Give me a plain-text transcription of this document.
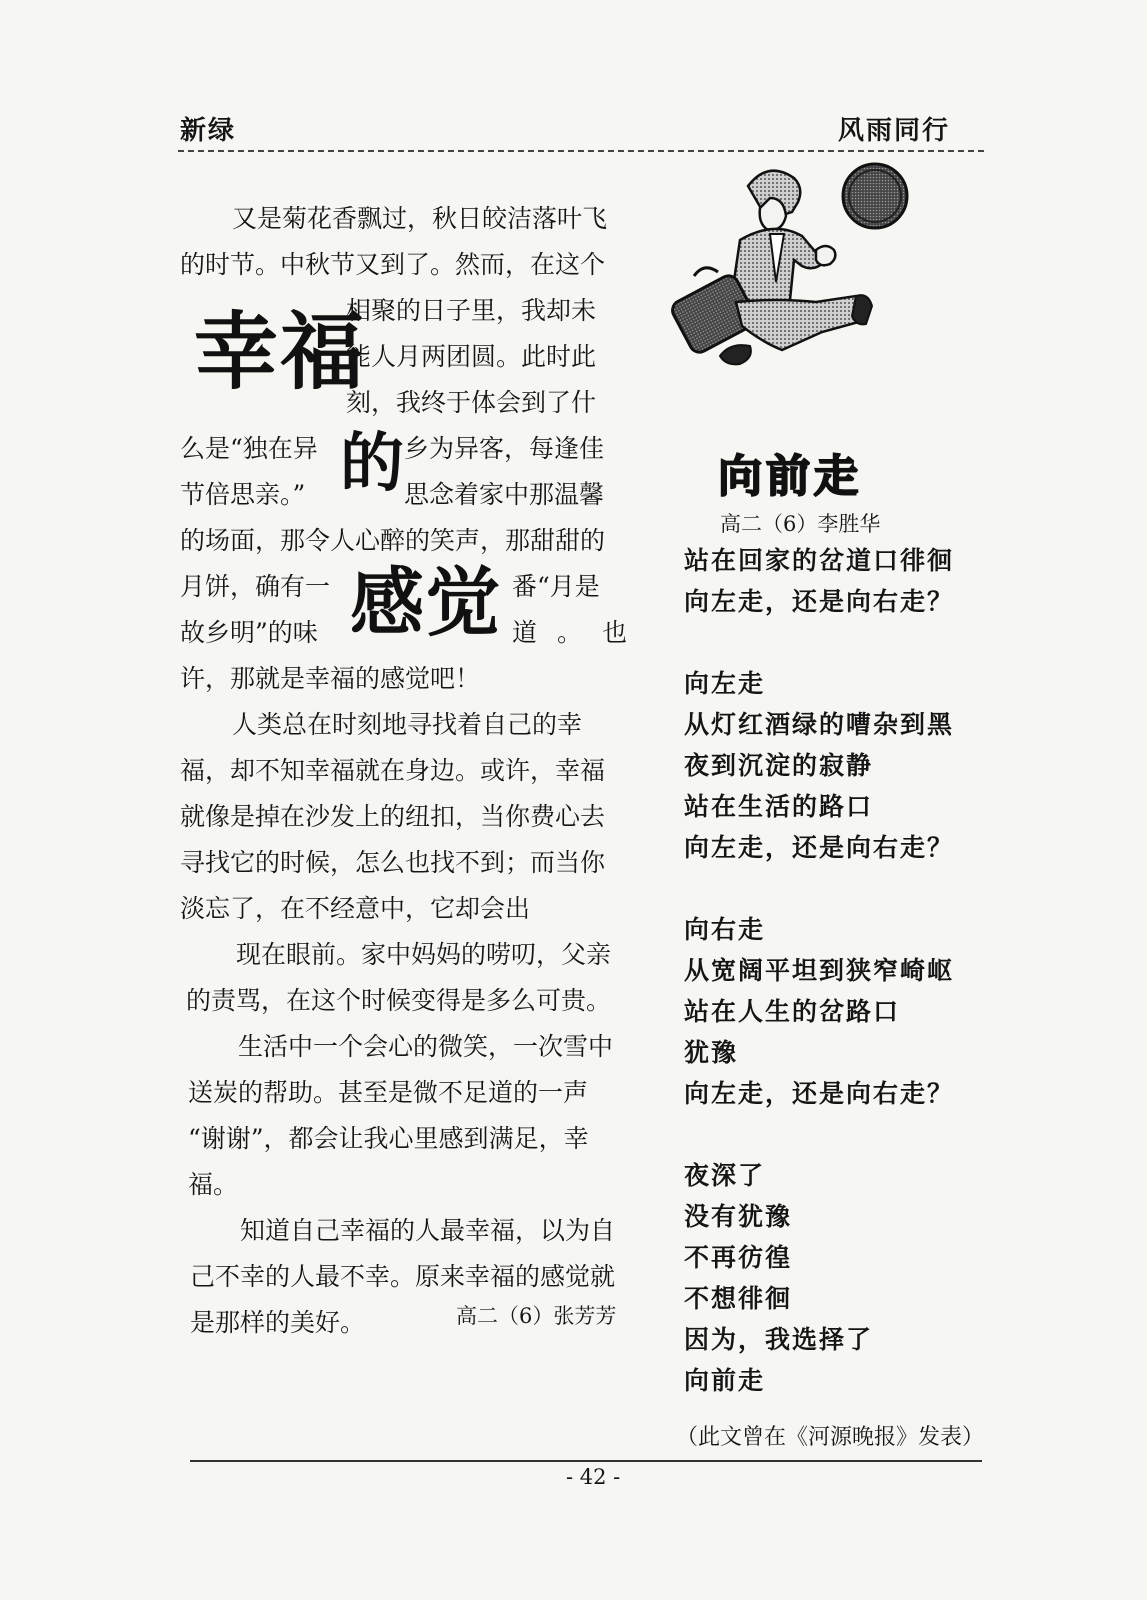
新绿	风雨同行
幸福
的
感觉
又是菊花香飘过，秋日皎洁落叶飞
的时节。中秋节又到了。然而，在这个
相聚的日子里，我却未
能人月两团圆。此时此
刻，我终于体会到了什
么是“独在异	乡为异客，每逢佳
节倍思亲。”	思念着家中那温馨
的场面，那令人心醉的笑声，那甜甜的
月饼，确有一	番“月是
故乡明”的味	道。也
许，那就是幸福的感觉吧！
人类总在时刻地寻找着自己的幸
福，却不知幸福就在身边。或许，幸福
就像是掉在沙发上的纽扣，当你费心去
寻找它的时候，怎么也找不到；而当你
淡忘了，在不经意中，它却会出
现在眼前。家中妈妈的唠叨，父亲
的责骂，在这个时候变得是多么可贵。
生活中一个会心的微笑，一次雪中
送炭的帮助。甚至是微不足道的一声
“谢谢”，都会让我心里感到满足，幸
福。
知道自己幸福的人最幸福，以为自
己不幸的人最不幸。原来幸福的感觉就
是那样的美好。	高二（6）张芳芳
向前走
高二（6）李胜华
站在回家的岔道口徘徊
向左走，还是向右走？
向左走
从灯红酒绿的嘈杂到黑
夜到沉淀的寂静
站在生活的路口
向左走，还是向右走？
向右走
从宽阔平坦到狭窄崎岖
站在人生的岔路口
犹豫
向左走，还是向右走？
夜深了
没有犹豫
不再彷徨
不想徘徊
因为，我选择了
向前走
（此文曾在《河源晚报》发表）
- 42 -
